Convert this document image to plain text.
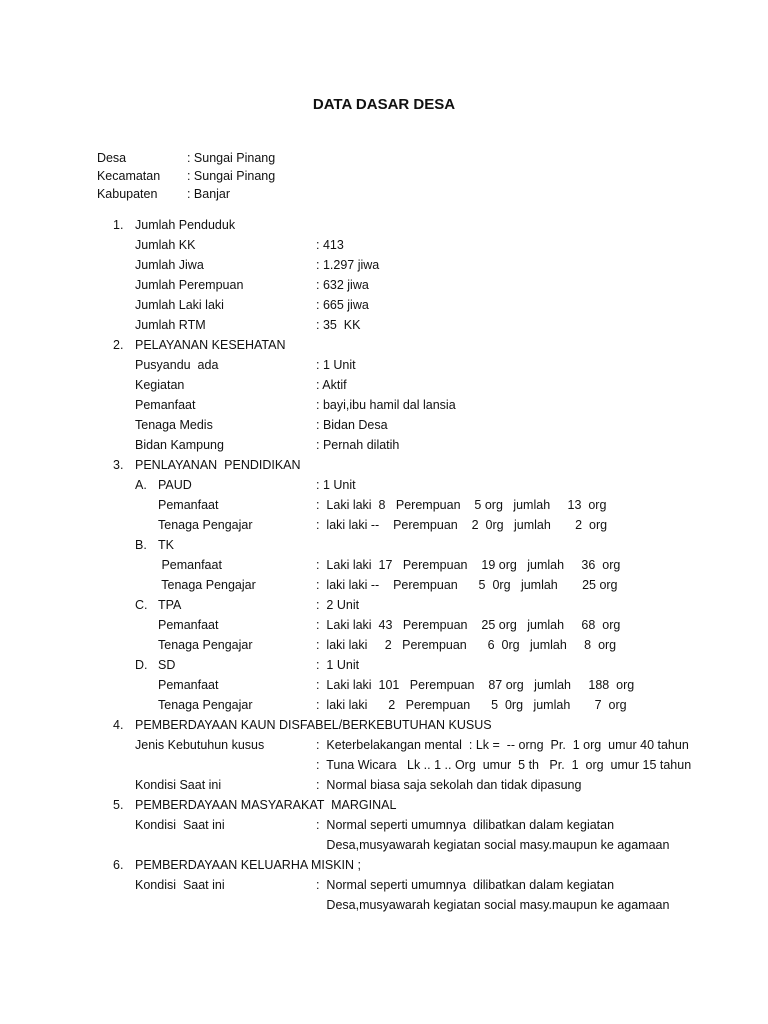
DATA DASAR DESA

Desa	: Sungai Pinang

Kecamatan : Sungai Pinang

Kabupaten : Banjar

1. Jumlah Penduduk
Jumlah KK	: 413
Jumlah Jiwa	: 1.297 jiwa
Jumlah Perempuan	: 632 jiwa
Jumlah Laki laki	: 665 jiwa
Jumlah RTM	: 35  KK
2. PELAYANAN KESEHATAN
Pusyandu  ada	: 1 Unit
Kegiatan	: Aktif
Pemanfaat	: bayi,ibu hamil dal lansia
Tenaga Medis	: Bidan Desa
Bidan Kampung	: Pernah dilatih
3. PENLAYANAN  PENDIDIKAN
A. PAUD	: 1 Unit
Pemanfaat	:  Laki laki  8   Perempuan    5 org   jumlah     13  org
Tenaga Pengajar	:  laki laki --    Perempuan    2  0rg   jumlah       2  org
B. TK
Pemanfaat	:  Laki laki  17   Perempuan    19 org   jumlah     36  org
Tenaga Pengajar	:  laki laki --    Perempuan      5  0rg   jumlah       25 org
C. TPA	:  2 Unit
Pemanfaat	:  Laki laki  43   Perempuan    25 org   jumlah     68  org
Tenaga Pengajar	:  laki laki     2   Perempuan      6  0rg   jumlah     8  org
D. SD	:  1 Unit
Pemanfaat	:  Laki laki  101   Perempuan    87 org   jumlah     188  org
Tenaga Pengajar	:  laki laki      2   Perempuan      5  0rg   jumlah       7  org
4. PEMBERDAYAAN KAUN DISFABEL/BERKEBUTUHAN KUSUS
Jenis Kebutuhun kusus	:  Keterbelakangan mental  : Lk =  -- orng  Pr.  1 org  umur 40 tahun
:  Tuna Wicara   Lk .. 1 .. Org  umur  5 th   Pr.  1  org  umur 15 tahun
Kondisi Saat ini	:  Normal biasa saja sekolah dan tidak dipasung
5. PEMBERDAYAAN MASYARAKAT  MARGINAL
Kondisi  Saat ini	:  Normal seperti umumnya  dilibatkan dalam kegiatan
Desa,musyawarah kegiatan social masy.maupun ke agamaan
6. PEMBERDAYAAN KELUARHA MISKIN ;
Kondisi  Saat ini	:  Normal seperti umumnya  dilibatkan dalam kegiatan
Desa,musyawarah kegiatan social masy.maupun ke agamaan
